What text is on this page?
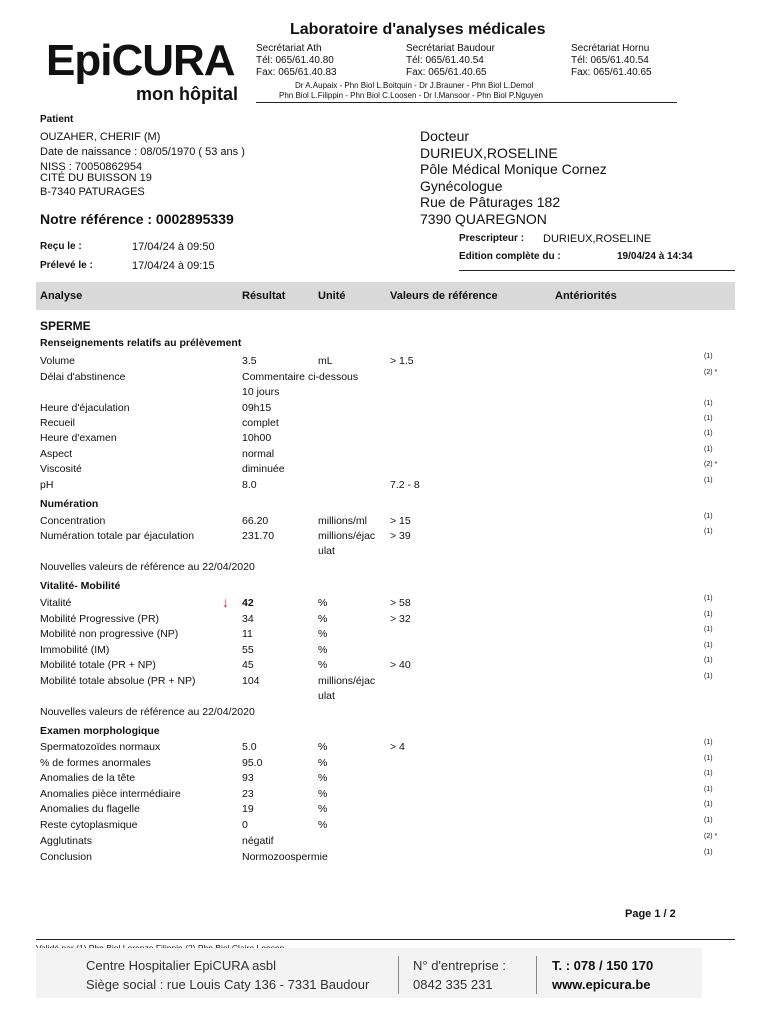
EpiCURA
mon hôpital
Laboratoire d'analyses médicales
Secrétariat Ath
Tél: 065/61.40.80
Fax: 065/61.40.83
Secrétariat Baudour
Tél: 065/61.40.54
Fax: 065/61.40.65
Secrétariat Hornu
Tél: 065/61.40.54
Fax: 065/61.40.65
Dr A.Aupaix - Phn Biol L.Boitquin - Dr J.Brauner - Phn Biol L.Demol
Phn Biol L.Filippin - Phn Biol C.Loosen - Dr I.Mansoor - Phn Biol P.Nguyen
Patient
OUZAHER, CHERIF (M)
Date de naissance : 08/05/1970 ( 53 ans )
NISS : 70050862954
CITÉ DU BUISSON 19
B-7340 PATURAGES
Notre référence : 0002895339
Reçu le :	17/04/24 à 09:50
Prélevé le :	17/04/24 à 09:15
Docteur
DURIEUX,ROSELINE
Pôle Médical Monique Cornez
Gynécologue
Rue de Pâturages 182
7390 QUAREGNON
Prescripteur : DURIEUX,ROSELINE
Edition complète du :	19/04/24 à 14:34
Analyse	Résultat	Unité	Valeurs de référence	Antériorités
SPERME
Renseignements relatifs au prélèvement
Volume	3.5	mL	> 1.5	(1)
Délai d'abstinence	Commentaire ci-dessous	(2) *
10 jours
Heure d'éjaculation	09h15	(1)
Recueil	complet	(1)
Heure d'examen	10h00	(1)
Aspect	normal	(1)
Viscosité	diminuée	(2) *
pH	8.0	7.2 - 8	(1)
Numération
Concentration	66.20	millions/ml > 15	(1)
Numération totale par éjaculation	231.70	millions/éjac > 39	(1)
ulat
Nouvelles valeurs de référence au 22/04/2020
Vitalité- Mobilité
Vitalité	42	%	> 58	(1)
↓
Mobilité Progressive (PR)	34	%	> 32	(1)
Mobilité non progressive (NP)	11	%	(1)
Immobilité (IM)	55	%	(1)
Mobilité totale (PR + NP)	45	%	> 40	(1)
Mobilité totale absolue (PR + NP)	104	millions/éjac	(1)
ulat
Nouvelles valeurs de référence au 22/04/2020
Examen morphologique
Spermatozoïdes normaux	5.0	%	> 4	(1)
% de formes anormales	95.0	%	(1)
Anomalies de la tête	93	%	(1)
Anomalies pièce intermédiaire	23	%	(1)
Anomalies du flagelle	19	%	(1)
Reste cytoplasmique	0	%	(1)
Agglutinats	négatif	(2) *
Conclusion	Normozoospermie	(1)
Page 1 / 2
Centre Hospitalier EpiCURA asbl
Siège social : rue Louis Caty 136 - 7331 Baudour
N° d'entreprise :
0842 335 231
T. : 078 / 150 170
www.epicura.be
